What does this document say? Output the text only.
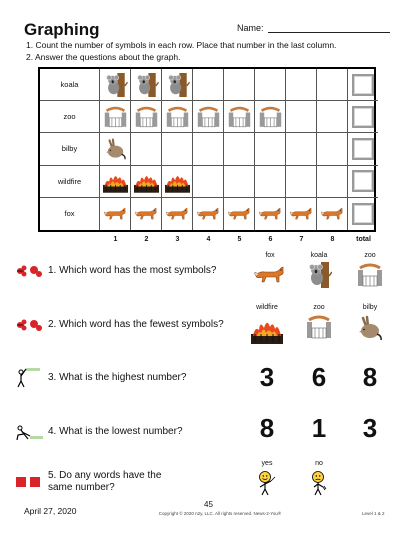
Graphing	Name:
1. Count the number of symbols in each row. Place that number in the last column.
2. Answer the questions about the graph.
koala
zoo
bilby
wildfire
fox
1	2	3	4	5	6	7	8	total
1. Which word has the most symbols?
fox	koala	zoo
2. Which word has the fewest symbols?
wildfire	zoo	bilby
3. What is the highest number?	3	6	8
4. What is the lowest number?	8	1	3
5. Do any words have the
same number?
yes	no
April 27, 2020
45
Copyright © 2020 n2y, LLC. All rights reserved. News-2-You®	Level 1 & 2
